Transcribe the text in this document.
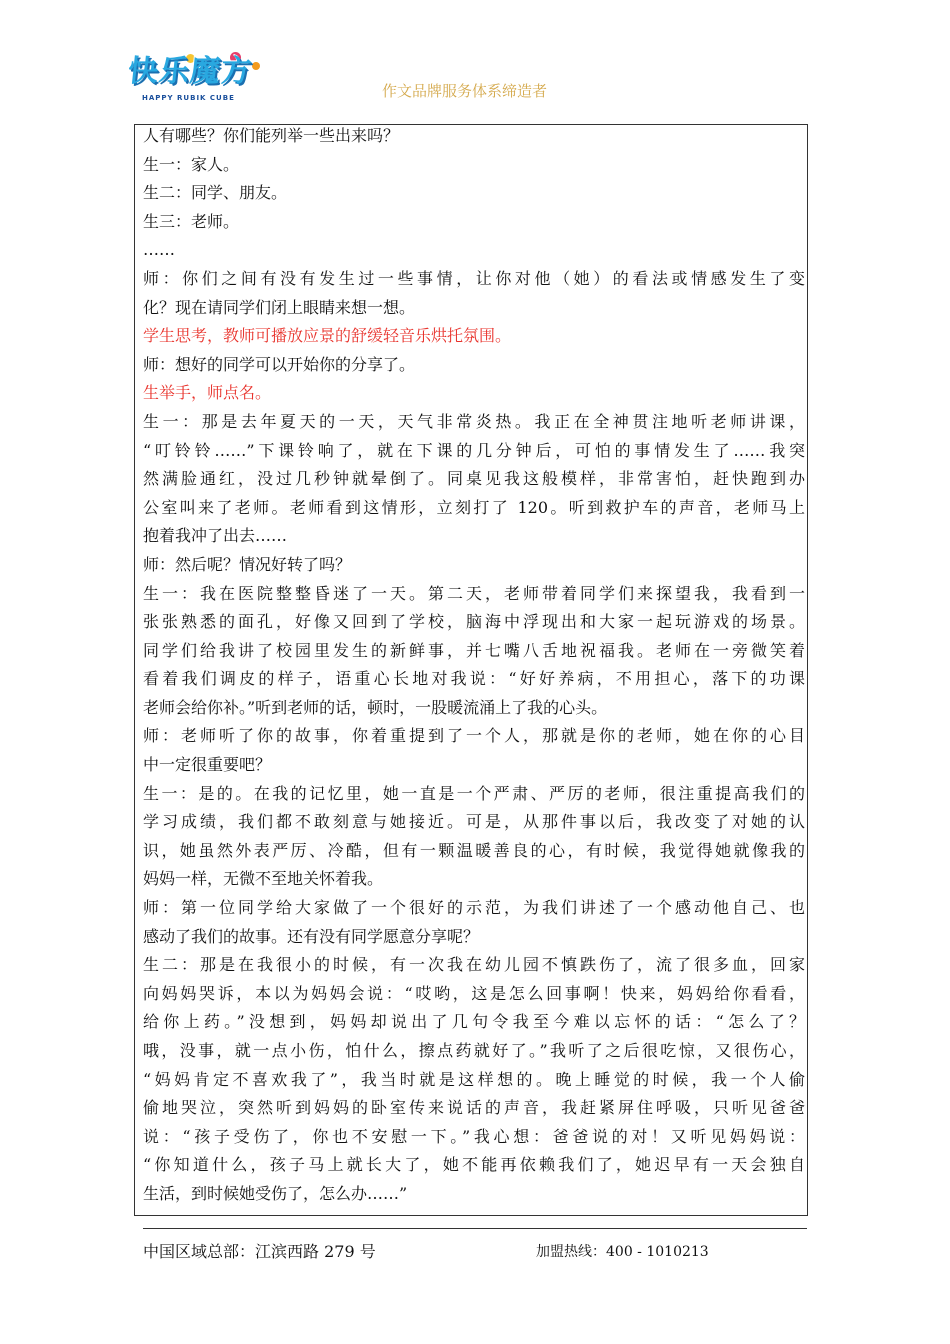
快乐魔方
HAPPY RUBIK CUBE	作文品牌服务体系缔造者
人有哪些？你们能列举一些出来吗？
生一：家人。
生二：同学、朋友。
生三：老师。
……
师：你们之间有没有发生过一些事情，让你对他（她）的看法或情感发生了变
化？现在请同学们闭上眼睛来想一想。
学生思考，教师可播放应景的舒缓轻音乐烘托氛围。
师：想好的同学可以开始你的分享了。
生举手，师点名。
生一：那是去年夏天的一天，天气非常炎热。我正在全神贯注地听老师讲课，
“叮铃铃……”下课铃响了，就在下课的几分钟后，可怕的事情发生了……我突
然满脸通红，没过几秒钟就晕倒了。同桌见我这般模样，非常害怕，赶快跑到办
公室叫来了老师。老师看到这情形，立刻打了 120。听到救护车的声音，老师马上
抱着我冲了出去……
师：然后呢？情况好转了吗？
生一：我在医院整整昏迷了一天。第二天，老师带着同学们来探望我，我看到一
张张熟悉的面孔，好像又回到了学校，脑海中浮现出和大家一起玩游戏的场景。
同学们给我讲了校园里发生的新鲜事，并七嘴八舌地祝福我。老师在一旁微笑着
看着我们调皮的样子，语重心长地对我说：“好好养病，不用担心，落下的功课
老师会给你补。”听到老师的话，顿时，一股暖流涌上了我的心头。
师：老师听了你的故事，你着重提到了一个人，那就是你的老师，她在你的心目
中一定很重要吧？
生一：是的。在我的记忆里，她一直是一个严肃、严厉的老师，很注重提高我们的
学习成绩，我们都不敢刻意与她接近。可是，从那件事以后，我改变了对她的认
识，她虽然外表严厉、冷酷，但有一颗温暖善良的心，有时候，我觉得她就像我的
妈妈一样，无微不至地关怀着我。
师：第一位同学给大家做了一个很好的示范，为我们讲述了一个感动他自己、也
感动了我们的故事。还有没有同学愿意分享呢？
生二：那是在我很小的时候，有一次我在幼儿园不慎跌伤了，流了很多血，回家
向妈妈哭诉，本以为妈妈会说：“哎哟，这是怎么回事啊！快来，妈妈给你看看，
给你上药。”没想到，妈妈却说出了几句令我至今难以忘怀的话：“怎么了？
哦，没事，就一点小伤，怕什么，擦点药就好了。”我听了之后很吃惊，又很伤心，
“妈妈肯定不喜欢我了”，我当时就是这样想的。晚上睡觉的时候，我一个人偷
偷地哭泣，突然听到妈妈的卧室传来说话的声音，我赶紧屏住呼吸，只听见爸爸
说：“孩子受伤了，你也不安慰一下。”我心想：爸爸说的对！又听见妈妈说：
“你知道什么，孩子马上就长大了，她不能再依赖我们了，她迟早有一天会独自
生活，到时候她受伤了，怎么办……”
中国区域总部：江滨西路 279 号	加盟热线：400 - 1010213
